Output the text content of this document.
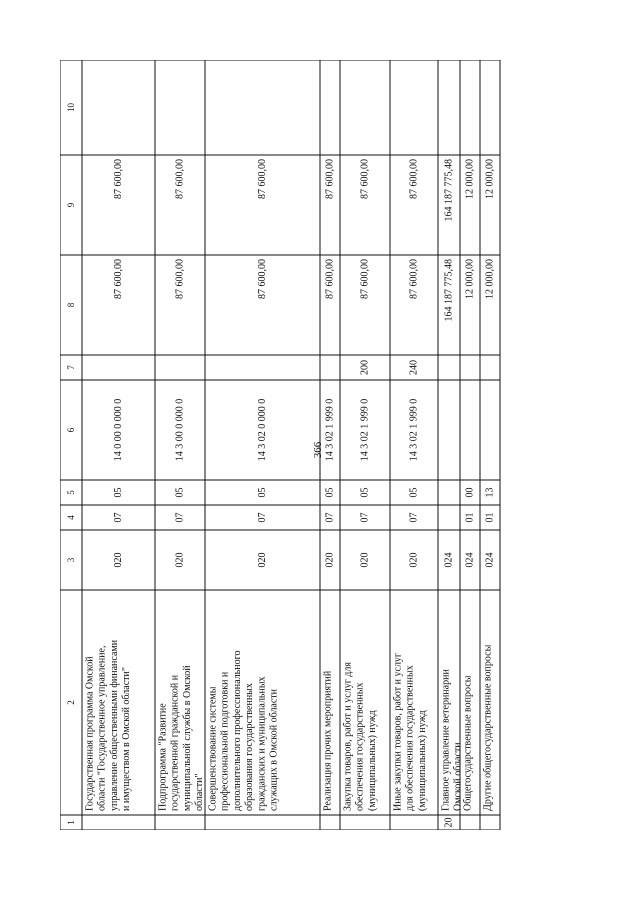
366
1
2
3
4
5
6
7
8
9
10
Государственная программа Омской области "Государственное управление, управление общественными финансами и имуществом в Омской области"
020
07
05
14 0 00 0 000 0
87 600,00
87 600,00
Подпрограмма "Развитие государственной гражданской и муниципальной службы в Омской области"
020
07
05
14 3 00 0 000 0
87 600,00
87 600,00
Совершенствование системы профессиональной подготовки и дополнительного профессионального образования государственных гражданских и муниципальных служащих в Омской области
020
07
05
14 3 02 0 000 0
87 600,00
87 600,00
Реализация прочих мероприятий
020
07
05
14 3 02 1 999 0
87 600,00
87 600,00
Закупка товаров, работ и услуг для обеспечения государственных (муниципальных) нужд
020
07
05
14 3 02 1 999 0
200
87 600,00
87 600,00
Иные закупки товаров, работ и услуг для обеспечения государственных (муниципальных) нужд
020
07
05
14 3 02 1 999 0
240
87 600,00
87 600,00
20
Главное управление ветеринарии Омской области
024
164 187 775,48
164 187 775,48
Общегосударственные вопросы
024
01
00
12 000,00
12 000,00
Другие общегосударственные вопросы
024
01
13
12 000,00
12 000,00
